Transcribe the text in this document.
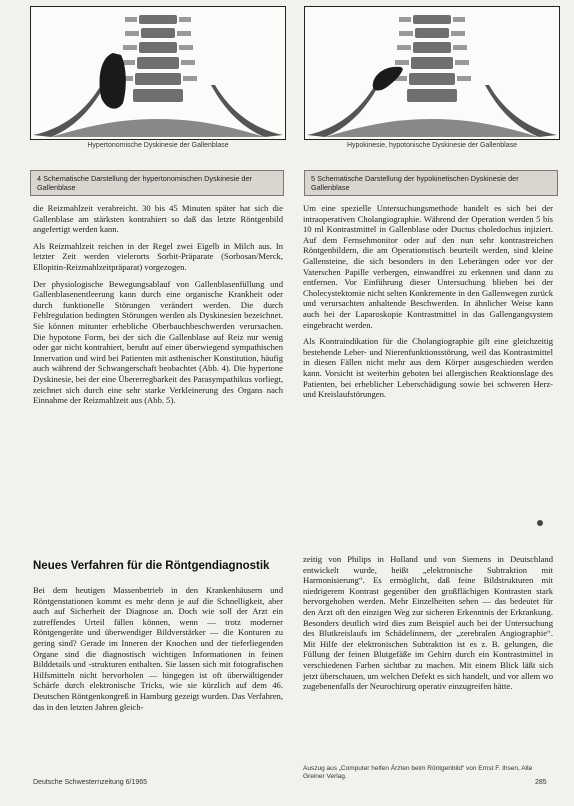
Hypertonomische Dyskinesie der Gallenblase
4 Schematische Darstellung der hypertonomischen Dyskinesie der Gallenblase
Hypokinesie, hypotonische Dyskinesie der Gallenblase
5 Schematische Darstellung der hypokinetischen Dyskinesie der Gallenblase

die Reizmahlzeit verabreicht. 30 bis 45 Minuten später hat sich die Gallenblase am stärksten kontrahiert so daß das letzte Röntgenbild angefertigt werden kann.

Als Reizmahlzeit reichen in der Regel zwei Eigelb in Milch aus. In letzter Zeit werden vielerorts Sorbit-Präparate (Sorbosan/Merck, Ellopitin-Reizmahlzeitpräparat) vorgezogen.

Der physiologische Bewegungsablauf von Gallenblasenfüllung und Gallenblasenentleerung kann durch eine organische Krankheit oder durch funktionelle Störungen verändert werden. Die durch Fehlregulation bedingten Störungen werden als Dyskinesien bezeichnet. Sie können mitunter erhebliche Oberbauchbeschwerden verursachen. Die hypotone Form, bei der sich die Gallenblase auf Reiz nur wenig oder gar nicht kontrahiert, beruht auf einer überwiegend sympathischen Innervation und wird bei Patienten mit asthenischer Konstitution, häufig auch während der Schwangerschaft beobachtet (Abb. 4). Die hypertone Dyskinesie, bei der eine Übererregbarkeit des Parasympathikus vorliegt, zeichnet sich durch eine sehr starke Verkleinerung des Organs nach Einnahme der Reizmahlzeit aus (Abb. 5).

Um eine spezielle Untersuchungsmethode handelt es sich bei der intraoperativen Cholangiographie. Während der Operation werden 5 bis 10 ml Kontrastmittel in Gallenblase oder Ductus choledochus injiziert. Auf dem Fernsehmonitor oder auf den nun sehr kontrastreichen Röntgenbildern, die am Operationstisch beurteilt werden, sind kleine Gallensteine, die sich besonders in den Leberängen oder vor der Vaterschen Papille verbergen, einwandfrei zu erkennen und dann zu entfernen. Vor Einführung dieser Untersuchung blieben bei der Cholecystektomie nicht selten Konkremente in den Gallenwegen zurück und verursachten anhaltende Beschwerden. In ähnlicher Weise kann auch bei der Laparoskopie Kontrastmittel in das Gallengangsystem eingebracht werden.

Als Kontraindikation für die Cholangiographie gilt eine gleichzeitig bestehende Leber- und Nierenfunktionsstörung, weil das Kontrastmittel in diesen Fällen nicht mehr aus dem Körper ausgeschieden werden kann. Vorsicht ist weiterhin geboten bei allergischen Reaktionslage des Patienten, bei erheblicher Leberschädigung sowie bei schweren Herz- und Kreislaufstörungen.

Neues Verfahren für die Röntgendiagnostik

Bei dem heutigen Massenbetrieb in den Krankenhäusern und Röntgenstationen kommt es mehr denn je auf die Schnelligkeit, aber auch auf Sicherheit der Diagnose an. Doch wie soll der Arzt ein zutreffendes Urteil fällen können, wenn — trotz moderner Röntgengeräte und überwendiger Bildverstärker — die Konturen zu gering sind? Gerade im Inneren der Knochen und der tieferliegenden Organe sind die diagnostisch wichtigen Informationen in feinen Bilddetails und -strukturen enthalten. Sie lassen sich mit fotografischen Hilfsmitteln nicht hervorholen — hingegen ist oft überwältigender Schärfe durch elektronische Tricks, wie sie kürzlich auf dem 46. Deutschen Röntgenkongreß in Hamburg gezeigt wurden. Das Verfahren, das in den letzten Jahren gleich-

zeitig von Philips in Holland und von Siemens in Deutschland entwickelt wurde, heißt „elektronische Subtraktion mit Harmonisierung“. Es ermöglicht, daß feine Bildstrukturen mit niedrigerem Kontrast gegenüber den großflächigen Kontrasten stark hervorgehoben werden. Mehr Einzelheiten sehen — das bedeutet für den Arzt oft den einzigen Weg zur sicheren Erkenntnis der Erkrankung. Besonders deutlich wird dies zum Beispiel auch bei der Untersuchung des Blutkreislaufs im Schädelinnern, der „zerebralen Angiographie“. Mit Hilfe der elektronischen Subtraktion ist es z. B. gelungen, die Füllung der feinen Blutgefäße im Gehirn durch ein Kontrastmittel in verschiedenen Farben sichtbar zu machen. Mit einem Blick läßt sich jetzt überschauen, um welchen Defekt es sich handelt, und vor allem wo zugebenenfalls der Neurochirurg operativ einzugreifen hätte.

Auszug aus „Computer helfen Ärzten beim Röntgenbild“ von Ernst F. Ihsen, Alte Greiner Verlag.
Deutsche Schwesternzeitung 6/1965	285
